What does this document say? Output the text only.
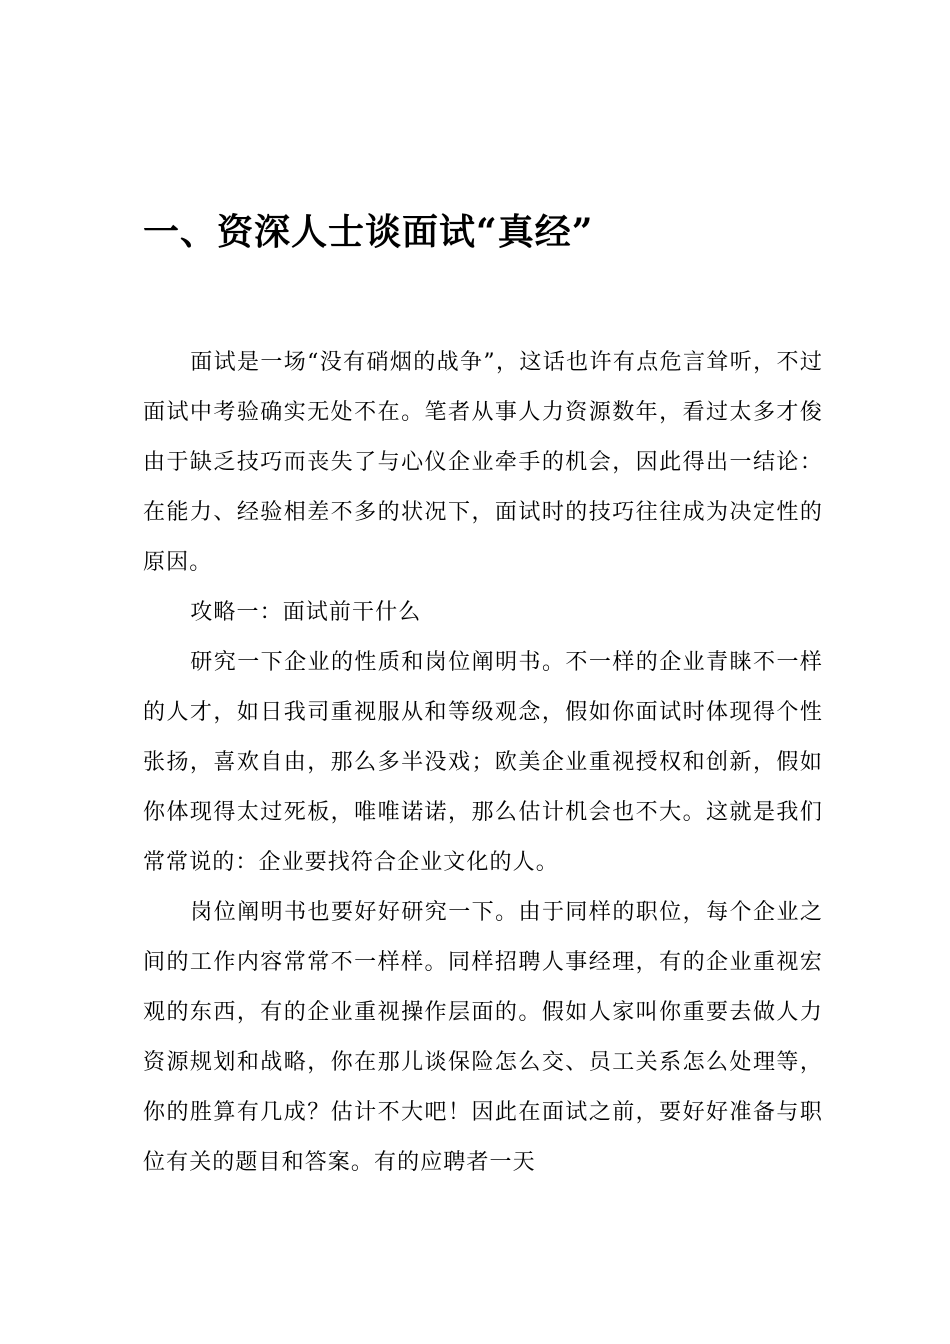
一、资深人士谈面试“真经”

面试是一场“没有硝烟的战争”，这话也许有点危言耸听，不过面试中考验确实无处不在。笔者从事人力资源数年，看过太多才俊由于缺乏技巧而丧失了与心仪企业牵手的机会，因此得出一结论：在能力、经验相差不多的状况下，面试时的技巧往往成为决定性的原因。

攻略一：面试前干什么

研究一下企业的性质和岗位阐明书。不一样的企业青睐不一样的人才，如日我司重视服从和等级观念，假如你面试时体现得个性张扬，喜欢自由，那么多半没戏；欧美企业重视授权和创新，假如你体现得太过死板，唯唯诺诺，那么估计机会也不大。这就是我们常常说的：企业要找符合企业文化的人。

岗位阐明书也要好好研究一下。由于同样的职位，每个企业之间的工作内容常常不一样样。同样招聘人事经理，有的企业重视宏观的东西，有的企业重视操作层面的。假如人家叫你重要去做人力资源规划和战略，你在那儿谈保险怎么交、员工关系怎么处理等，你的胜算有几成？估计不大吧！因此在面试之前，要好好准备与职位有关的题目和答案。有的应聘者一天
